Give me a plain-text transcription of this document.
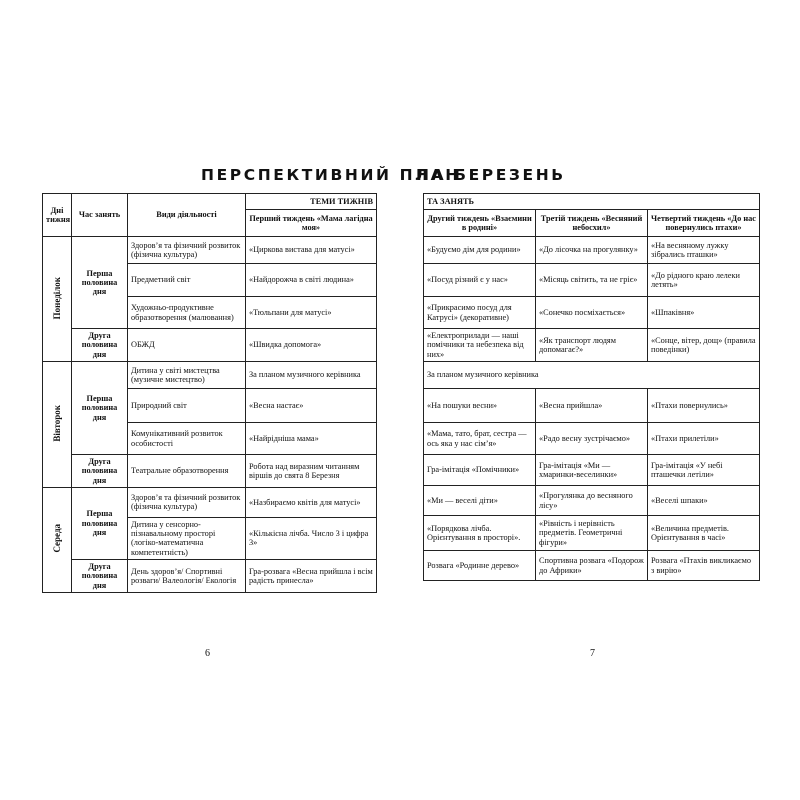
ПЕРСПЕКТИВНИЙ ПЛАН
НА БЕРЕЗЕНЬ
Дні тижня	Час занять	Види діяльності	ТЕМИ ТИЖНІВ
			Перший тиждень «Мама лагідна моя»
Понеділок	Перша половина дня	Здоров’я та фізичний розвиток (фізична культура)	«Циркова вистава для матусі»
		Предметний світ	«Найдорожча в світі людина»
		Художньо-продуктивне образотворення (малювання)	«Тюльпани для матусі»
	Друга половина дня	ОБЖД	«Швидка допомога»
Вівторок	Перша половина дня	Дитина у світі мистецтва (музичне мистецтво)	За планом музичного керівника
		Природний світ	«Весна настає»
		Комунікативний розвиток особистості	«Найрідніша мама»
	Друга половина дня	Театральне образотворення	Робота над виразним читанням віршів до свята 8 Березня
Середа	Перша половина дня	Здоров’я та фізичний розвиток (фізична культура)	«Назбираємо квітів для матусі»
		Дитина у сенсорно-пізнавальному просторі (логіко-математична компетентність)	«Кількісна лічба. Число 3 і цифра 3»
	Друга половина дня	День здоров’я/ Спортивні розваги/ Валеологія/ Екологія	Гра-розвага «Весна прийшла і всім радість принесла»
ТА ЗАНЯТЬ		
Другий тиждень «Взаємини в родині»	Третій тиждень «Весняний небосхил»	Четвертий тиждень «До нас повернулись птахи»
«Будуємо дім для родини»	«До лісочка на прогулянку»	«На весняному лужку зібрались пташки»
«Посуд різний є у нас»	«Місяць світить, та не гріє»	«До рідного краю лелеки летять»
«Прикрасимо посуд для Катрусі» (декоративне)	«Сонечко посміхається»	«Шпаківня»
«Електроприлади — наші помічники та небезпека від них»	«Як транспорт людям допомагає?»	«Сонце, вітер, дощ» (правила поведінки)
За планом музичного керівника		
«На пошуки весни»	«Весна прийшла»	«Птахи повернулись»
«Мама, тато, брат, сестра — ось яка у нас сім’я»	«Радо весну зустрічаємо»	«Птахи прилетіли»
Гра-імітація «Помічники»	Гра-імітація «Ми — хмаринки-веселинки»	Гра-імітація «У небі пташечки летіли»
«Ми — веселі діти»	«Прогулянка до весняного лісу»	«Веселі шпаки»
«Порядкова лічба. Орієнтування в просторі».	«Рівність і нерівність предметів. Геометричні фігури»	«Величина предметів. Орієнтування в часі»
Розвага «Родинне дерево»	Спортивна розвага «Подорож до Африки»	Розвага «Птахів викликаємо з вирію»
6	7
